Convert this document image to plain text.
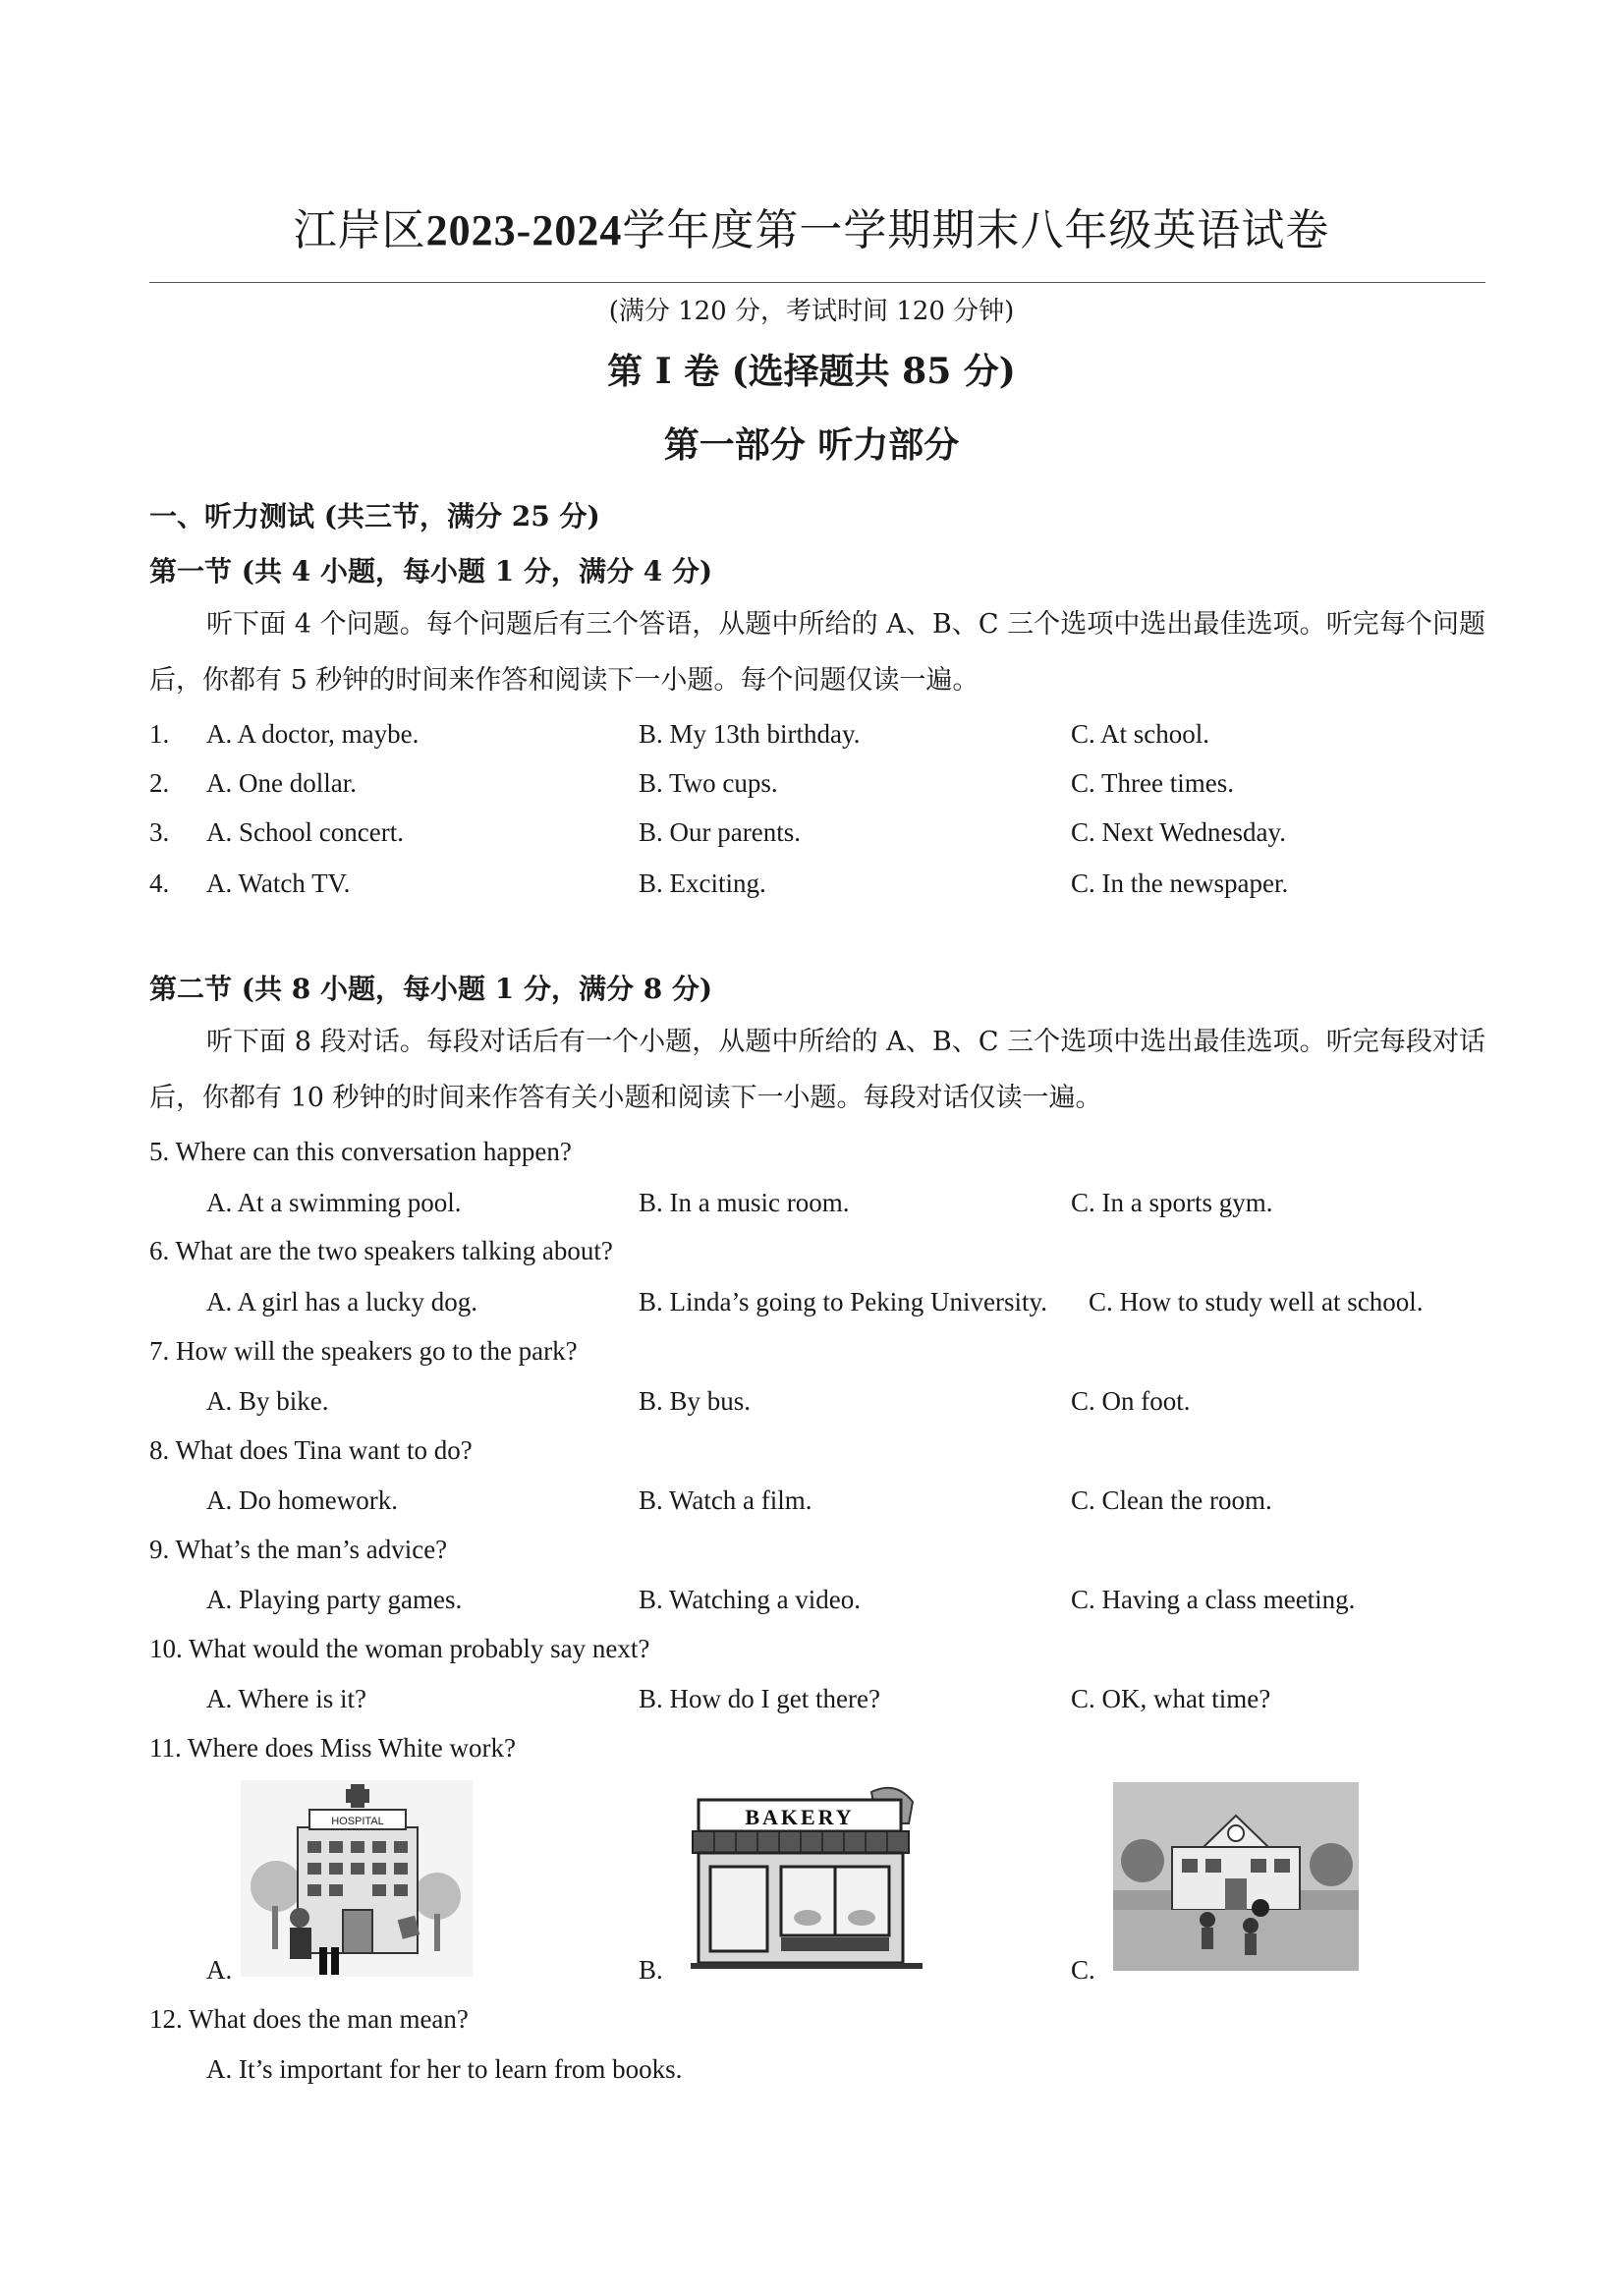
江岸区2023-2024学年度第一学期期末八年级英语试卷
(满分 120 分，考试时间 120 分钟)
第 I 卷 (选择题共 85 分)
第一部分 听力部分
一、听力测试 (共三节，满分 25 分)
第一节 (共 4 小题，每小题 1 分，满分 4 分)
听下面 4 个问题。每个问题后有三个答语，从题中所给的 A、B、C 三个选项中选出最佳选项。听完每个问题后，你都有 5 秒钟的时间来作答和阅读下一小题。每个问题仅读一遍。
1. A. A doctor, maybe.	B. My 13th birthday.	C. At school.
2. A. One dollar.	B. Two cups.	C. Three times.
3. A. School concert.	B. Our parents.	C. Next Wednesday.
4. A. Watch TV.	B. Exciting.	C. In the newspaper.
第二节 (共 8 小题，每小题 1 分，满分 8 分)
听下面 8 段对话。每段对话后有一个小题，从题中所给的 A、B、C 三个选项中选出最佳选项。听完每段对话后，你都有 10 秒钟的时间来作答有关小题和阅读下一小题。每段对话仅读一遍。
5. Where can this conversation happen?
A. At a swimming pool.	B. In a music room.	C. In a sports gym.
6. What are the two speakers talking about?
A. A girl has a lucky dog.	B. Linda’s going to Peking University. C. How to study well at school.
7. How will the speakers go to the park?
A. By bike.	B. By bus.	C. On foot.
8. What does Tina want to do?
A. Do homework.	B. Watch a film.	C. Clean the room.
9. What’s the man’s advice?
A. Playing party games.	B. Watching a video.	C. Having a class meeting.
10. What would the woman probably say next?
A. Where is it?	B. How do I get there?	C. OK, what time?
11. Where does Miss White work?
HOSPITAL
A.
BAKERY
B.	C.
12. What does the man mean?
A. It’s important for her to learn from books.
